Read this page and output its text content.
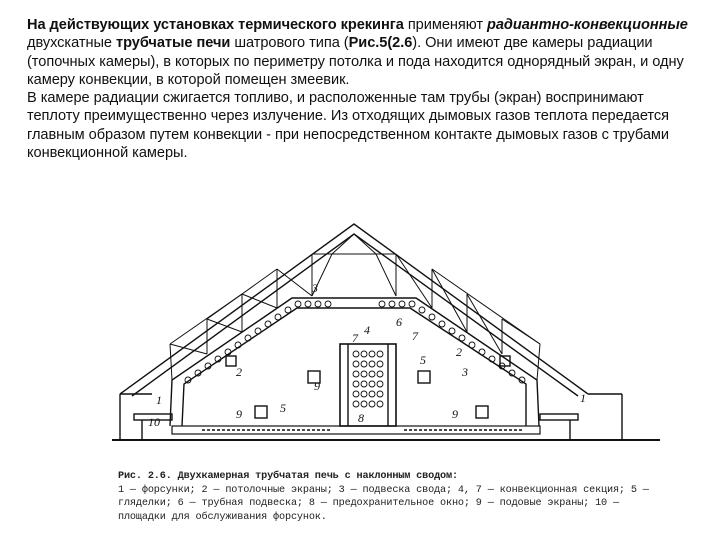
На действующих установках термического крекинга применяют радиантно-конвекционные двухскатные трубчатые печи шатрового типа (Рис.5(2.6). Они имеют две камеры радиации (топочных камеры), в которых по периметру потолка и пода находится однорядный экран, и одну камеру конвекции, в которой помещен змеевик.

В камере радиации сжигается топливо, и расположенные там трубы (экран) воспринимают теплоту преимущественно через излучение. Из отходящих дымовых газов теплота передается главным образом путем конвекции - при непосредственном контакте дымовых газов с трубами конвекционной камеры.

1
10
2
3
4
5
6
7
8
9
5
9
2
3
1
7
9
Рис. 2.6. Двухкамерная трубчатая печь с наклонным сводом:
1 — форсунки; 2 — потолочные экраны; 3 — подвеска свода; 4, 7 — конвекционная секция; 5 — гляделки; 6 — трубная подвеска; 8 — предохранительное окно; 9 — подовые экраны; 10 — площадки для обслуживания форсунок.
